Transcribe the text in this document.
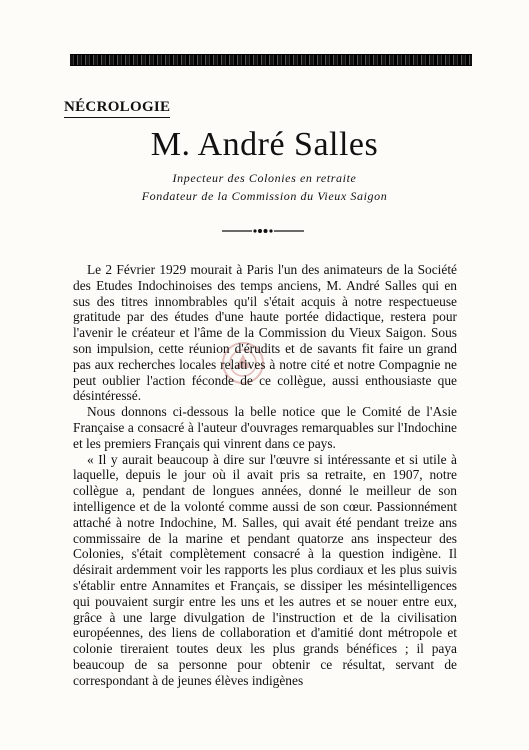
NÉCROLOGIE
M. André Salles
Inpecteur des Colonies en retraite
Fondateur de la Commission du Vieux Saigon

Le 2 Février 1929 mourait à Paris l'un des animateurs de la Société des Etudes Indochinoises des temps anciens, M. André Salles qui en sus des titres innombrables qu'il s'était acquis à notre respectueuse gratitude par des études d'une haute portée didactique, restera pour l'avenir le créateur et l'âme de la Commission du Vieux Saigon. Sous son impulsion, cette réunion d'érudits et de savants fit faire un grand pas aux recherches locales relatives à notre cité et notre Compagnie ne peut oublier l'action féconde de ce collègue, aussi enthousiaste que désintéressé.

Nous donnons ci-dessous la belle notice que le Comité de l'Asie Française a consacré à l'auteur d'ouvrages remarquables sur l'Indochine et les premiers Français qui vinrent dans ce pays.

« Il y aurait beaucoup à dire sur l'œuvre si intéressante et si utile à laquelle, depuis le jour où il avait pris sa retraite, en 1907, notre collègue a, pendant de longues années, donné le meilleur de son intelligence et de la volonté comme aussi de son cœur. Passionnément attaché à notre Indochine, M. Salles, qui avait été pendant treize ans commissaire de la marine et pendant quatorze ans inspecteur des Colonies, s'était complètement consacré à la question indigène. Il désirait ardemment voir les rapports les plus cordiaux et les plus suivis s'établir entre Annamites et Français, se dissiper les mésintelligences qui pouvaient surgir entre les uns et les autres et se nouer entre eux, grâce à une large divulgation de l'instruction et de la civilisation européennes, des liens de collaboration et d'amitié dont métropole et colonie tireraient toutes deux les plus grands bénéfices ; il paya beaucoup de sa personne pour obtenir ce résultat, servant de correspondant à de jeunes élèves indigènes
